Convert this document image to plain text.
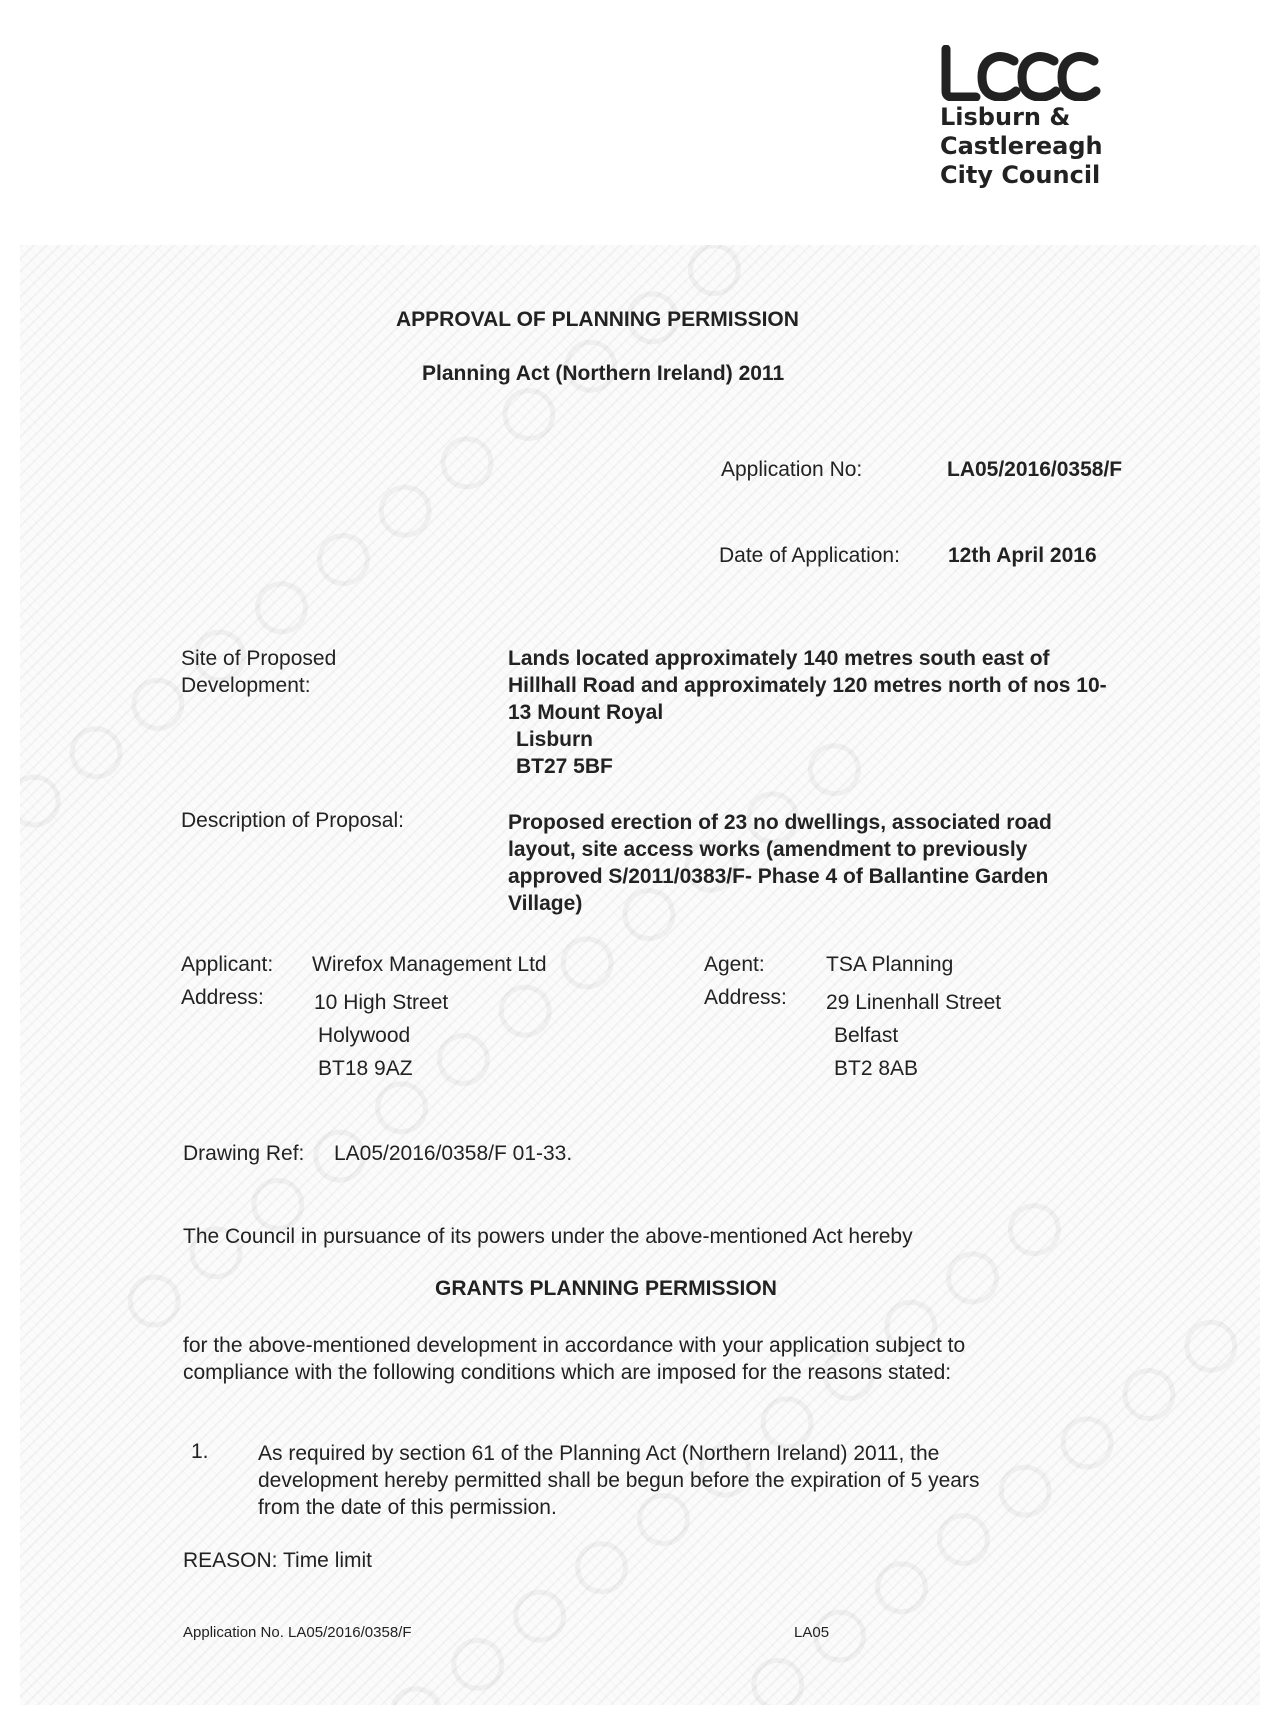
Lisburn &
Castlereagh
City Council
APPROVAL OF PLANNING PERMISSION
Planning Act (Northern Ireland) 2011
Application No:	LA05/2016/0358/F
Date of Application: 12th April 2016
Site of Proposed
Development:
Lands located approximately 140 metres south east of
Hillhall Road and approximately 120 metres north of nos 10-
13 Mount Royal
Lisburn
BT27 5BF
Description of Proposal:	Proposed erection of 23 no dwellings, associated road
layout, site access works (amendment to previously
approved S/2011/0383/F- Phase 4 of Ballantine Garden
Village)
Applicant: Wirefox Management Ltd
Address: 10 High Street
Holywood
BT18 9AZ
Agent:	TSA Planning
Address: 29 Linenhall Street
Belfast
BT2 8AB
Drawing Ref: LA05/2016/0358/F 01-33.
The Council in pursuance of its powers under the above-mentioned Act hereby
GRANTS PLANNING PERMISSION
for the above-mentioned development in accordance with your application subject to
compliance with the following conditions which are imposed for the reasons stated:
1. As required by section 61 of the Planning Act (Northern Ireland) 2011, the
development hereby permitted shall be begun before the expiration of 5 years
from the date of this permission.
REASON: Time limit
Application No. LA05/2016/0358/F	LA05
